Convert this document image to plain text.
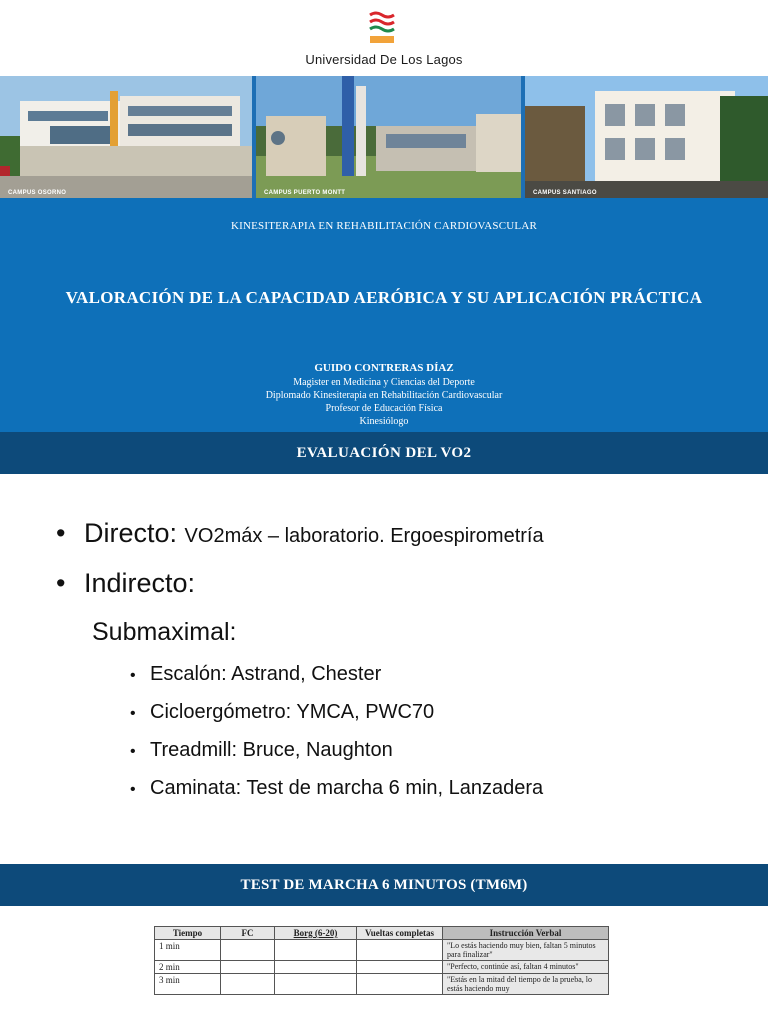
Universidad De Los Lagos
CAMPUS OSORNO	CAMPUS PUERTO MONTT	CAMPUS SANTIAGO
KINESITERAPIA EN REHABILITACIÓN CARDIOVASCULAR
VALORACIÓN DE LA CAPACIDAD AERÓBICA Y SU APLICACIÓN PRÁCTICA
GUIDO CONTRERAS DÍAZ
Magister en Medicina y Ciencias del Deporte
Diplomado Kinesiterapia en Rehabilitación Cardiovascular
Profesor de Educación Física
Kinesiólogo
EVALUACIÓN DEL VO2
• Directo: VO2máx – laboratorio. Ergoespirometría
• Indirecto:
Submaximal:
• Escalón: Astrand, Chester
• Cicloergómetro: YMCA, PWC70
• Treadmill: Bruce, Naughton
• Caminata: Test de marcha 6 min, Lanzadera
TEST DE MARCHA 6 MINUTOS (TM6M)
Tiempo	FC	Borg (6-20)	Vueltas completas	Instrucción Verbal
1 min				"Lo estás haciendo muy bien, faltan 5 minutos para finalizar"
2 min				"Perfecto, continúe así, faltan 4 minutos"
3 min				"Estás en la mitad del tiempo de la prueba, lo estás haciendo muy
